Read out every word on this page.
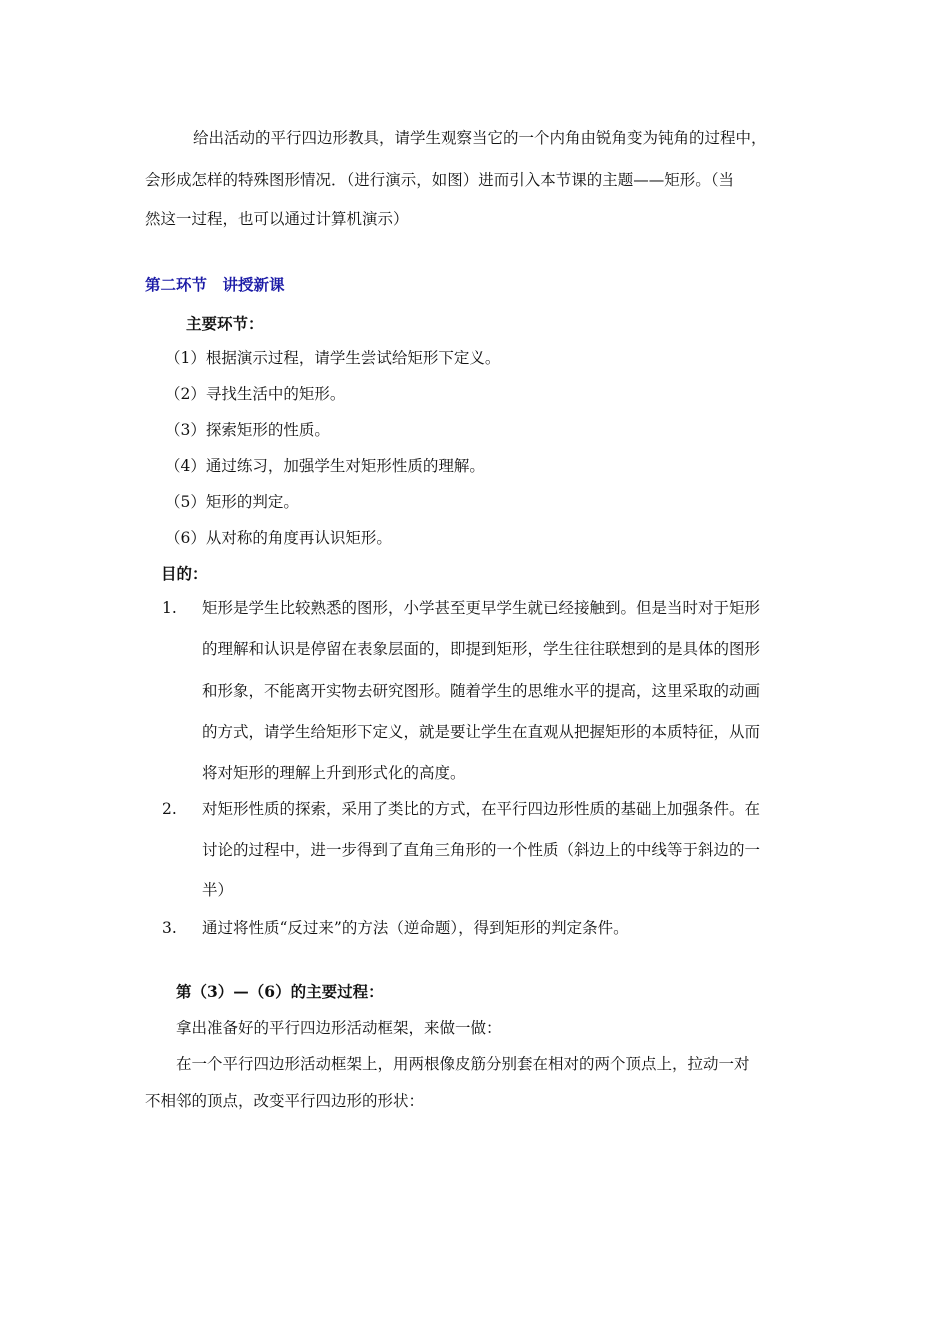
给出活动的平行四边形教具，请学生观察当它的一个内角由锐角变为钝角的过程中，
会形成怎样的特殊图形情况．（进行演示，如图）进而引入本节课的主题——矩形。（当
然这一过程，也可以通过计算机演示）
第二环节　讲授新课
主要环节：
（1）根据演示过程，请学生尝试给矩形下定义。
（2）寻找生活中的矩形。
（3）探索矩形的性质。
（4）通过练习，加强学生对矩形性质的理解。
（5）矩形的判定。
（6）从对称的角度再认识矩形。
目的：
1. 矩形是学生比较熟悉的图形，小学甚至更早学生就已经接触到。但是当时对于矩形
的理解和认识是停留在表象层面的，即提到矩形，学生往往联想到的是具体的图形
和形象，不能离开实物去研究图形。随着学生的思维水平的提高，这里采取的动画
的方式，请学生给矩形下定义，就是要让学生在直观从把握矩形的本质特征，从而
将对矩形的理解上升到形式化的高度。
2. 对矩形性质的探索，采用了类比的方式，在平行四边形性质的基础上加强条件。在
讨论的过程中，进一步得到了直角三角形的一个性质（斜边上的中线等于斜边的一
半）
3. 通过将性质“反过来”的方法（逆命题），得到矩形的判定条件。
第（3）—（6）的主要过程：
拿出准备好的平行四边形活动框架，来做一做：
在一个平行四边形活动框架上，用两根像皮筋分别套在相对的两个顶点上，拉动一对
不相邻的顶点，改变平行四边形的形状：
